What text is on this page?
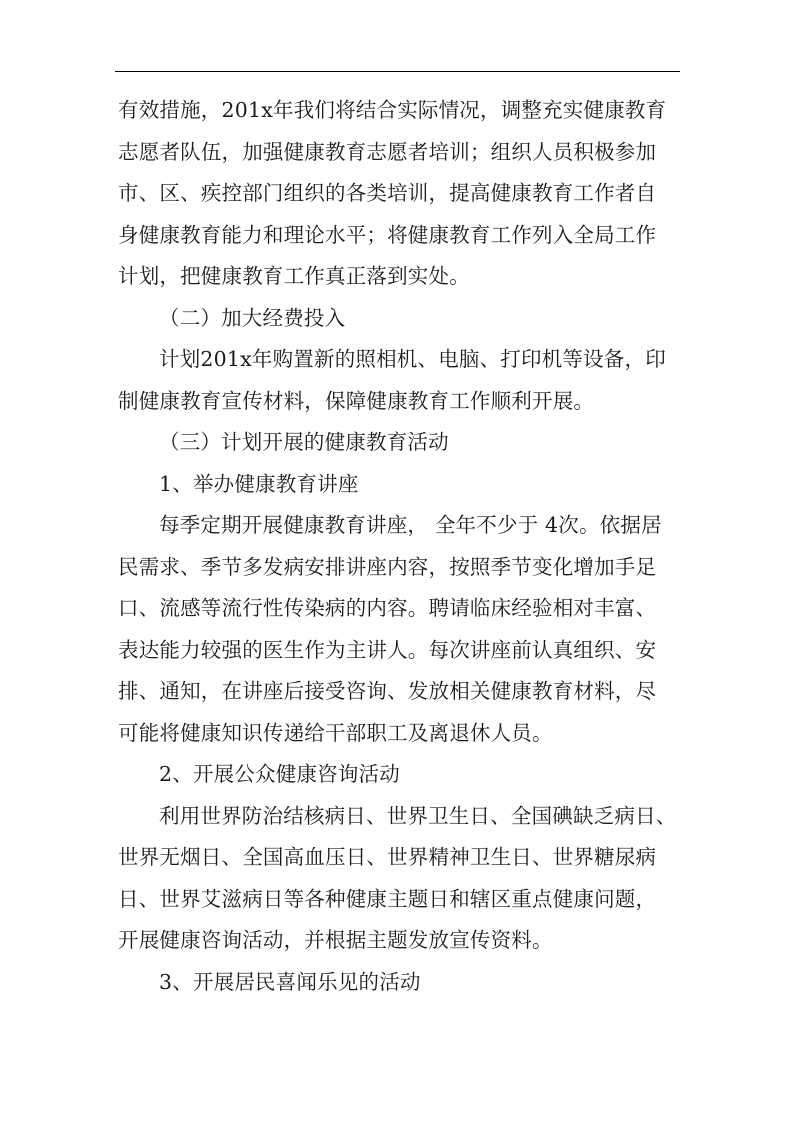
有效措施，201x年我们将结合实际情况，调整充实健康教育
志愿者队伍，加强健康教育志愿者培训；组织人员积极参加
市、区、疾控部门组织的各类培训，提高健康教育工作者自
身健康教育能力和理论水平；将健康教育工作列入全局工作
计划，把健康教育工作真正落到实处。
（二）加大经费投入
计划201x年购置新的照相机、电脑、打印机等设备，印
制健康教育宣传材料，保障健康教育工作顺利开展。
（三）计划开展的健康教育活动
1、举办健康教育讲座
每季定期开展健康教育讲座， 全年不少于 4次。依据居
民需求、季节多发病安排讲座内容，按照季节变化增加手足
口、流感等流行性传染病的内容。聘请临床经验相对丰富、
表达能力较强的医生作为主讲人。每次讲座前认真组织、安
排、通知，在讲座后接受咨询、发放相关健康教育材料，尽
可能将健康知识传递给干部职工及离退休人员。
2、开展公众健康咨询活动
利用世界防治结核病日、世界卫生日、全国碘缺乏病日、
世界无烟日、全国高血压日、世界精神卫生日、世界糖尿病
日、世界艾滋病日等各种健康主题日和辖区重点健康问题，
开展健康咨询活动，并根据主题发放宣传资料。
3、开展居民喜闻乐见的活动
